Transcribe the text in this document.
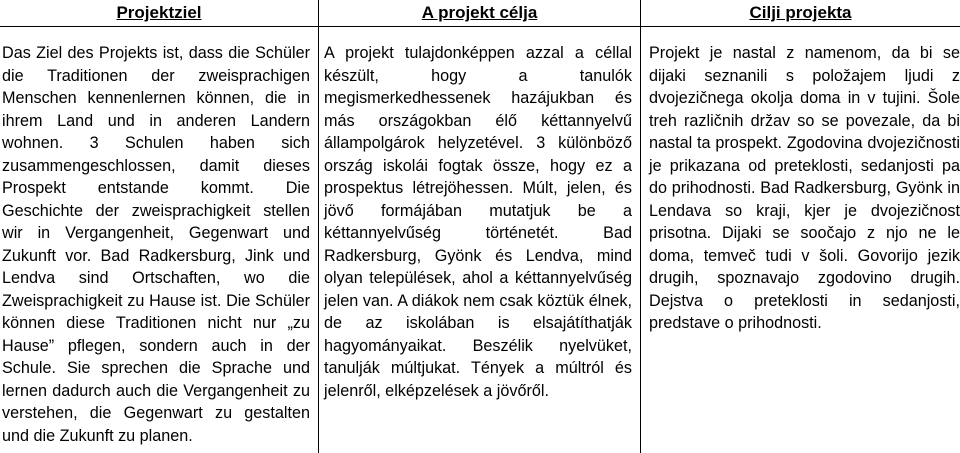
Projektziel	A projekt célja	Cilji projekta
Das Ziel des Projekts ist, dass die Schüler die Traditionen der zweisprachigen Menschen kennenlernen können, die in ihrem Land und in anderen Landern wohnen. 3 Schulen haben sich zusammengeschlossen, damit dieses Prospekt entstande kommt. Die Geschichte der zweisprachigkeit stellen wir in Vergangenheit, Gegenwart und Zukunft vor. Bad Radkersburg, Jink und Lendva sind Ortschaften, wo die Zweisprachigkeit zu Hause ist. Die Schüler können diese Traditionen nicht nur „zu Hause” pflegen, sondern auch in der Schule. Sie sprechen die Sprache und lernen dadurch auch die Vergangenheit zu verstehen, die Gegenwart zu gestalten und die Zukunft zu planen.
A projekt tulajdonképpen azzal a céllal készült, hogy a tanulók megismerkedhessenek hazájukban és más országokban élő kéttannyelvű állampolgárok helyzetével. 3 különböző ország iskolái fogtak össze, hogy ez a prospektus létrejöhessen. Múlt, jelen, és jövő formájában mutatjuk be a kéttannyelvűség történetét. Bad Radkersburg, Gyönk és Lendva, mind olyan települések, ahol a kéttannyelvűség jelen van. A diákok nem csak köztük élnek, de az iskolában is elsajátíthatják hagyományaikat. Beszélik nyelvüket, tanulják múltjukat. Tények a múltról és jelenről, elképzelések a jövőről.
Projekt je nastal z namenom, da bi se dijaki seznanili s položajem ljudi z dvojezičnega okolja doma in v tujini. Šole treh različnih držav so se povezale, da bi nastal ta prospekt. Zgodovina dvojezičnosti je prikazana od preteklosti, sedanjosti pa do prihodnosti. Bad Radkersburg, Gyönk in Lendava so kraji, kjer je dvojezičnost prisotna. Dijaki se soočajo z njo ne le doma, temveč tudi v šoli. Govorijo jezik drugih, spoznavajo zgodovino drugih. Dejstva o preteklosti in sedanjosti, predstave o prihodnosti.
